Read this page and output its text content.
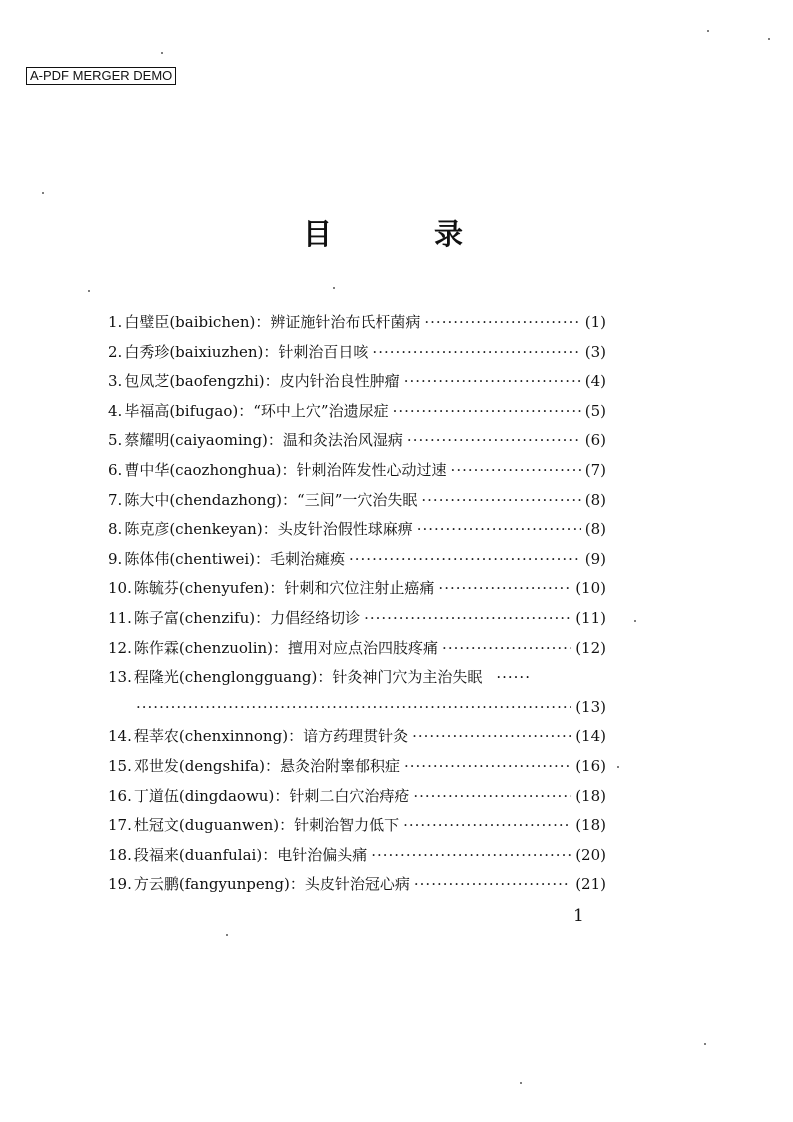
A-PDF MERGER DEMO
目 录
1. 白璧臣(baibichen)：辨证施针治布氏杆菌病 ·····	(1)
2. 白秀珍(baixiuzhen)：针刺治百日咳 ·····	(3)
3. 包凤芝(baofengzhi)：皮内针治良性肿瘤 ·····	(4)
4. 毕福高(bifugao)：“环中上穴”治遗尿症 ·····	(5)
5. 蔡耀明(caiyaoming)：温和灸法治风湿病 ·····	(6)
6. 曹中华(caozhonghua)：针刺治阵发性心动过速 ·····	(7)
7. 陈大中(chendazhong)：“三间”一穴治失眠 ·····	(8)
8. 陈克彦(chenkeyan)：头皮针治假性球麻痹 ·····	(8)
9. 陈体伟(chentiwei)：毛刺治瘫痪 ·····	(9)
10. 陈毓芬(chenyufen)：针刺和穴位注射止癌痛 ·····	(10)
11. 陈子富(chenzifu)：力倡经络切诊 ·····	(11)
12. 陈作霖(chenzuolin)：擅用对应点治四肢疼痛 ·····	(12)
13. 程隆光(chenglongguang)：针灸神门穴为主治失眠 ······
·····
(13)
14. 程莘农(chenxinnong)：谙方药理贯针灸 ·····	(14)
15. 邓世发(dengshifa)：悬灸治附睾郁积症 ·····	(16)
16. 丁道伍(dingdaowu)：针刺二白穴治痔疮 ·····	(18)
17. 杜冠文(duguanwen)：针刺治智力低下 ·····	(18)
18. 段福来(duanfulai)：电针治偏头痛 ·····	(20)
19. 方云鹏(fangyunpeng)：头皮针治冠心病 ·····	(21)
1
